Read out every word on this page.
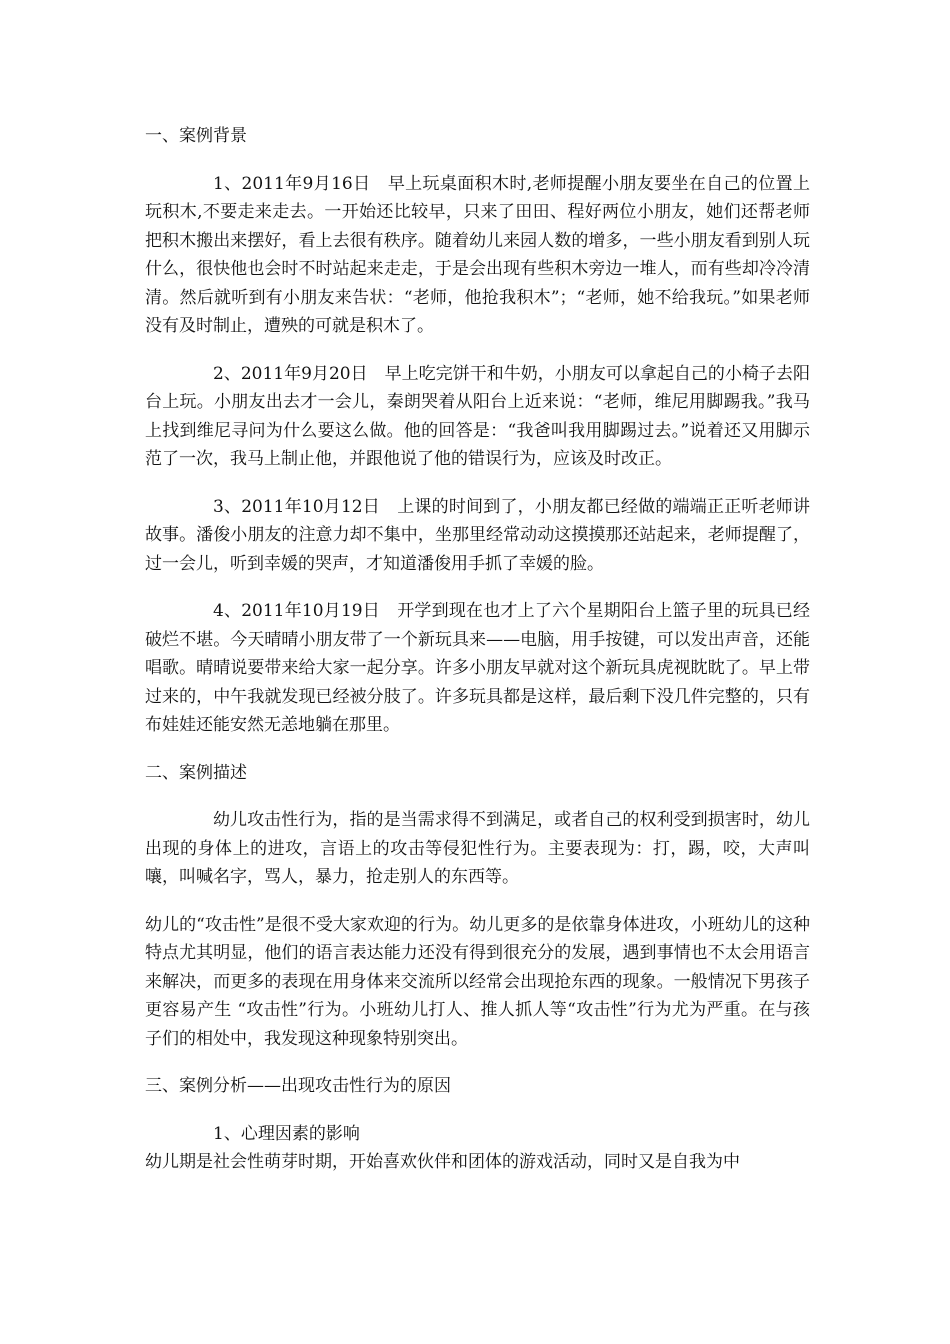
一、案例背景

1、2011年9月16日　早上玩桌面积木时,老师提醒小朋友要坐在自己的位置上玩积木,不要走来走去。一开始还比较早，只来了田田、程好两位小朋友，她们还帮老师把积木搬出来摆好，看上去很有秩序。随着幼儿来园人数的增多，一些小朋友看到别人玩什么，很快他也会时不时站起来走走，于是会出现有些积木旁边一堆人，而有些却冷冷清清。然后就听到有小朋友来告状：“老师，他抢我积木”；“老师，她不给我玩。”如果老师没有及时制止，遭殃的可就是积木了。

2、2011年9月20日　早上吃完饼干和牛奶，小朋友可以拿起自己的小椅子去阳台上玩。小朋友出去才一会儿，秦朗哭着从阳台上近来说：“老师，维尼用脚踢我。”我马上找到维尼寻问为什么要这么做。他的回答是：“我爸叫我用脚踢过去。”说着还又用脚示范了一次，我马上制止他，并跟他说了他的错误行为，应该及时改正。

3、2011年10月12日　上课的时间到了，小朋友都已经做的端端正正听老师讲故事。潘俊小朋友的注意力却不集中，坐那里经常动动这摸摸那还站起来，老师提醒了，过一会儿，听到幸媛的哭声，才知道潘俊用手抓了幸媛的脸。

4、2011年10月19日　开学到现在也才上了六个星期阳台上篮子里的玩具已经破烂不堪。今天晴晴小朋友带了一个新玩具来——电脑，用手按键，可以发出声音，还能唱歌。晴晴说要带来给大家一起分享。许多小朋友早就对这个新玩具虎视眈眈了。早上带过来的，中午我就发现已经被分肢了。许多玩具都是这样，最后剩下没几件完整的，只有布娃娃还能安然无恙地躺在那里。

二、案例描述

幼儿攻击性行为，指的是当需求得不到满足，或者自己的权利受到损害时，幼儿出现的身体上的进攻，言语上的攻击等侵犯性行为。主要表现为：打，踢，咬，大声叫嚷，叫喊名字，骂人，暴力，抢走别人的东西等。

幼儿的“攻击性”是很不受大家欢迎的行为。幼儿更多的是依靠身体进攻，小班幼儿的这种特点尤其明显，他们的语言表达能力还没有得到很充分的发展，遇到事情也不太会用语言来解决，而更多的表现在用身体来交流所以经常会出现抢东西的现象。一般情况下男孩子更容易产生 “攻击性”行为。小班幼儿打人、推人抓人等“攻击性”行为尤为严重。在与孩子们的相处中，我发现这种现象特别突出。

三、案例分析——出现攻击性行为的原因

1、心理因素的影响

幼儿期是社会性萌芽时期，开始喜欢伙伴和团体的游戏活动，同时又是自我为中
